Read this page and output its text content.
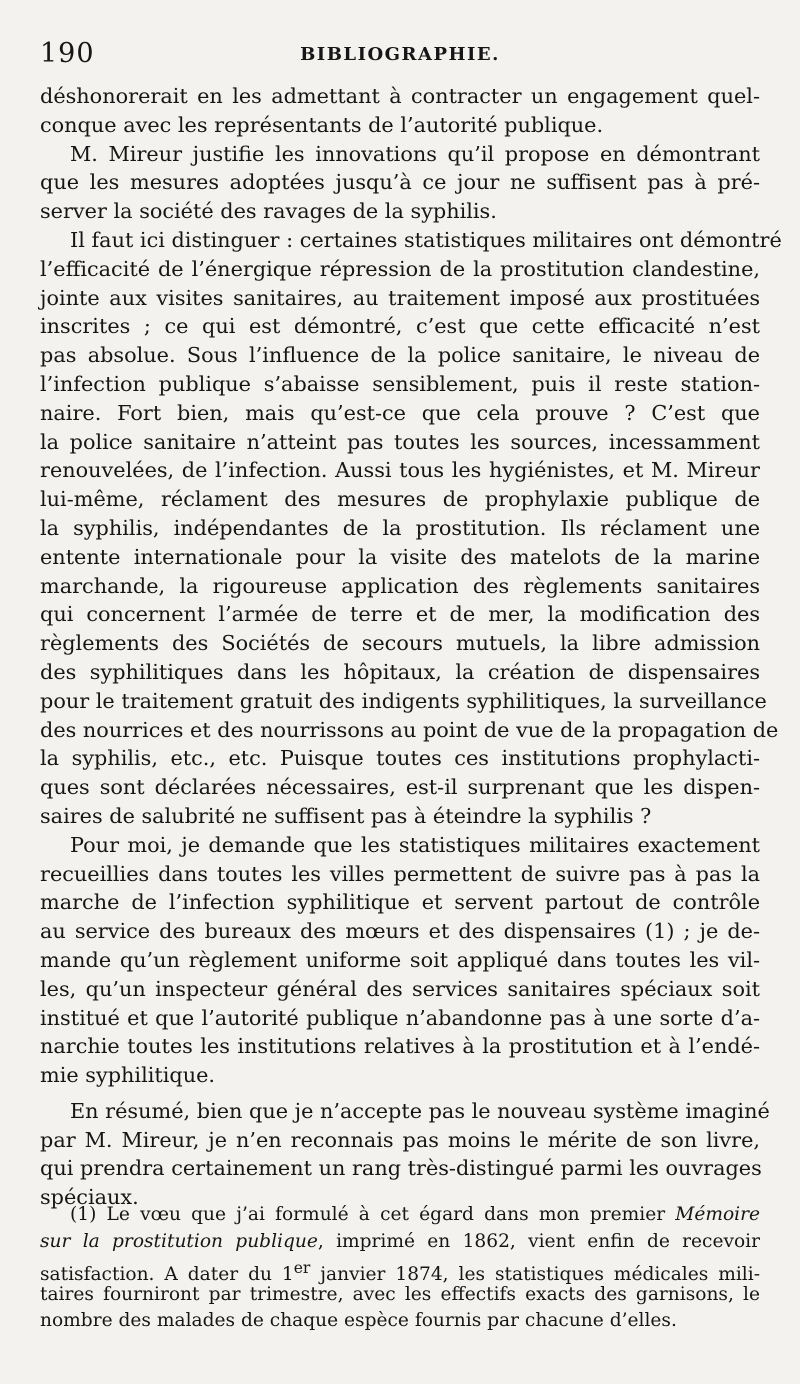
190	BIBLIOGRAPHIE.
déshonorerait en les admettant à contracter un engagement quel-
conque avec les représentants de l’autorité publique.
M. Mireur justifie les innovations qu’il propose en démontrant
que les mesures adoptées jusqu’à ce jour ne suffisent pas à pré-
server la société des ravages de la syphilis.
Il faut ici distinguer : certaines statistiques militaires ont démontré
l’efficacité de l’énergique répression de la prostitution clandestine,
jointe aux visites sanitaires, au traitement imposé aux prostituées
inscrites ; ce qui est démontré, c’est que cette efficacité n’est
pas absolue. Sous l’influence de la police sanitaire, le niveau de
l’infection publique s’abaisse sensiblement, puis il reste station-
naire. Fort bien, mais qu’est-ce que cela prouve ? C’est que
la police sanitaire n’atteint pas toutes les sources, incessamment
renouvelées, de l’infection. Aussi tous les hygiénistes, et M. Mireur
lui-même, réclament des mesures de prophylaxie publique de
la syphilis, indépendantes de la prostitution. Ils réclament une
entente internationale pour la visite des matelots de la marine
marchande, la rigoureuse application des règlements sanitaires
qui concernent l’armée de terre et de mer, la modification des
règlements des Sociétés de secours mutuels, la libre admission
des syphilitiques dans les hôpitaux, la création de dispensaires
pour le traitement gratuit des indigents syphilitiques, la surveillance
des nourrices et des nourrissons au point de vue de la propagation de
la syphilis, etc., etc. Puisque toutes ces institutions prophylacti-
ques sont déclarées nécessaires, est-il surprenant que les dispen-
saires de salubrité ne suffisent pas à éteindre la syphilis ?
Pour moi, je demande que les statistiques militaires exactement
recueillies dans toutes les villes permettent de suivre pas à pas la
marche de l’infection syphilitique et servent partout de contrôle
au service des bureaux des mœurs et des dispensaires (1) ; je de-
mande qu’un règlement uniforme soit appliqué dans toutes les vil-
les, qu’un inspecteur général des services sanitaires spéciaux soit
institué et que l’autorité publique n’abandonne pas à une sorte d’a-
narchie toutes les institutions relatives à la prostitution et à l’endé-
mie syphilitique.
En résumé, bien que je n’accepte pas le nouveau système imaginé
par M. Mireur, je n’en reconnais pas moins le mérite de son livre,
qui prendra certainement un rang très-distingué parmi les ouvrages
spéciaux.
(1) Le vœu que j’ai formulé à cet égard dans mon premier Mémoire
sur la prostitution publique, imprimé en 1862, vient enfin de recevoir
satisfaction. A dater du 1er janvier 1874, les statistiques médicales mili-
taires fourniront par trimestre, avec les effectifs exacts des garnisons, le
nombre des malades de chaque espèce fournis par chacune d’elles.
